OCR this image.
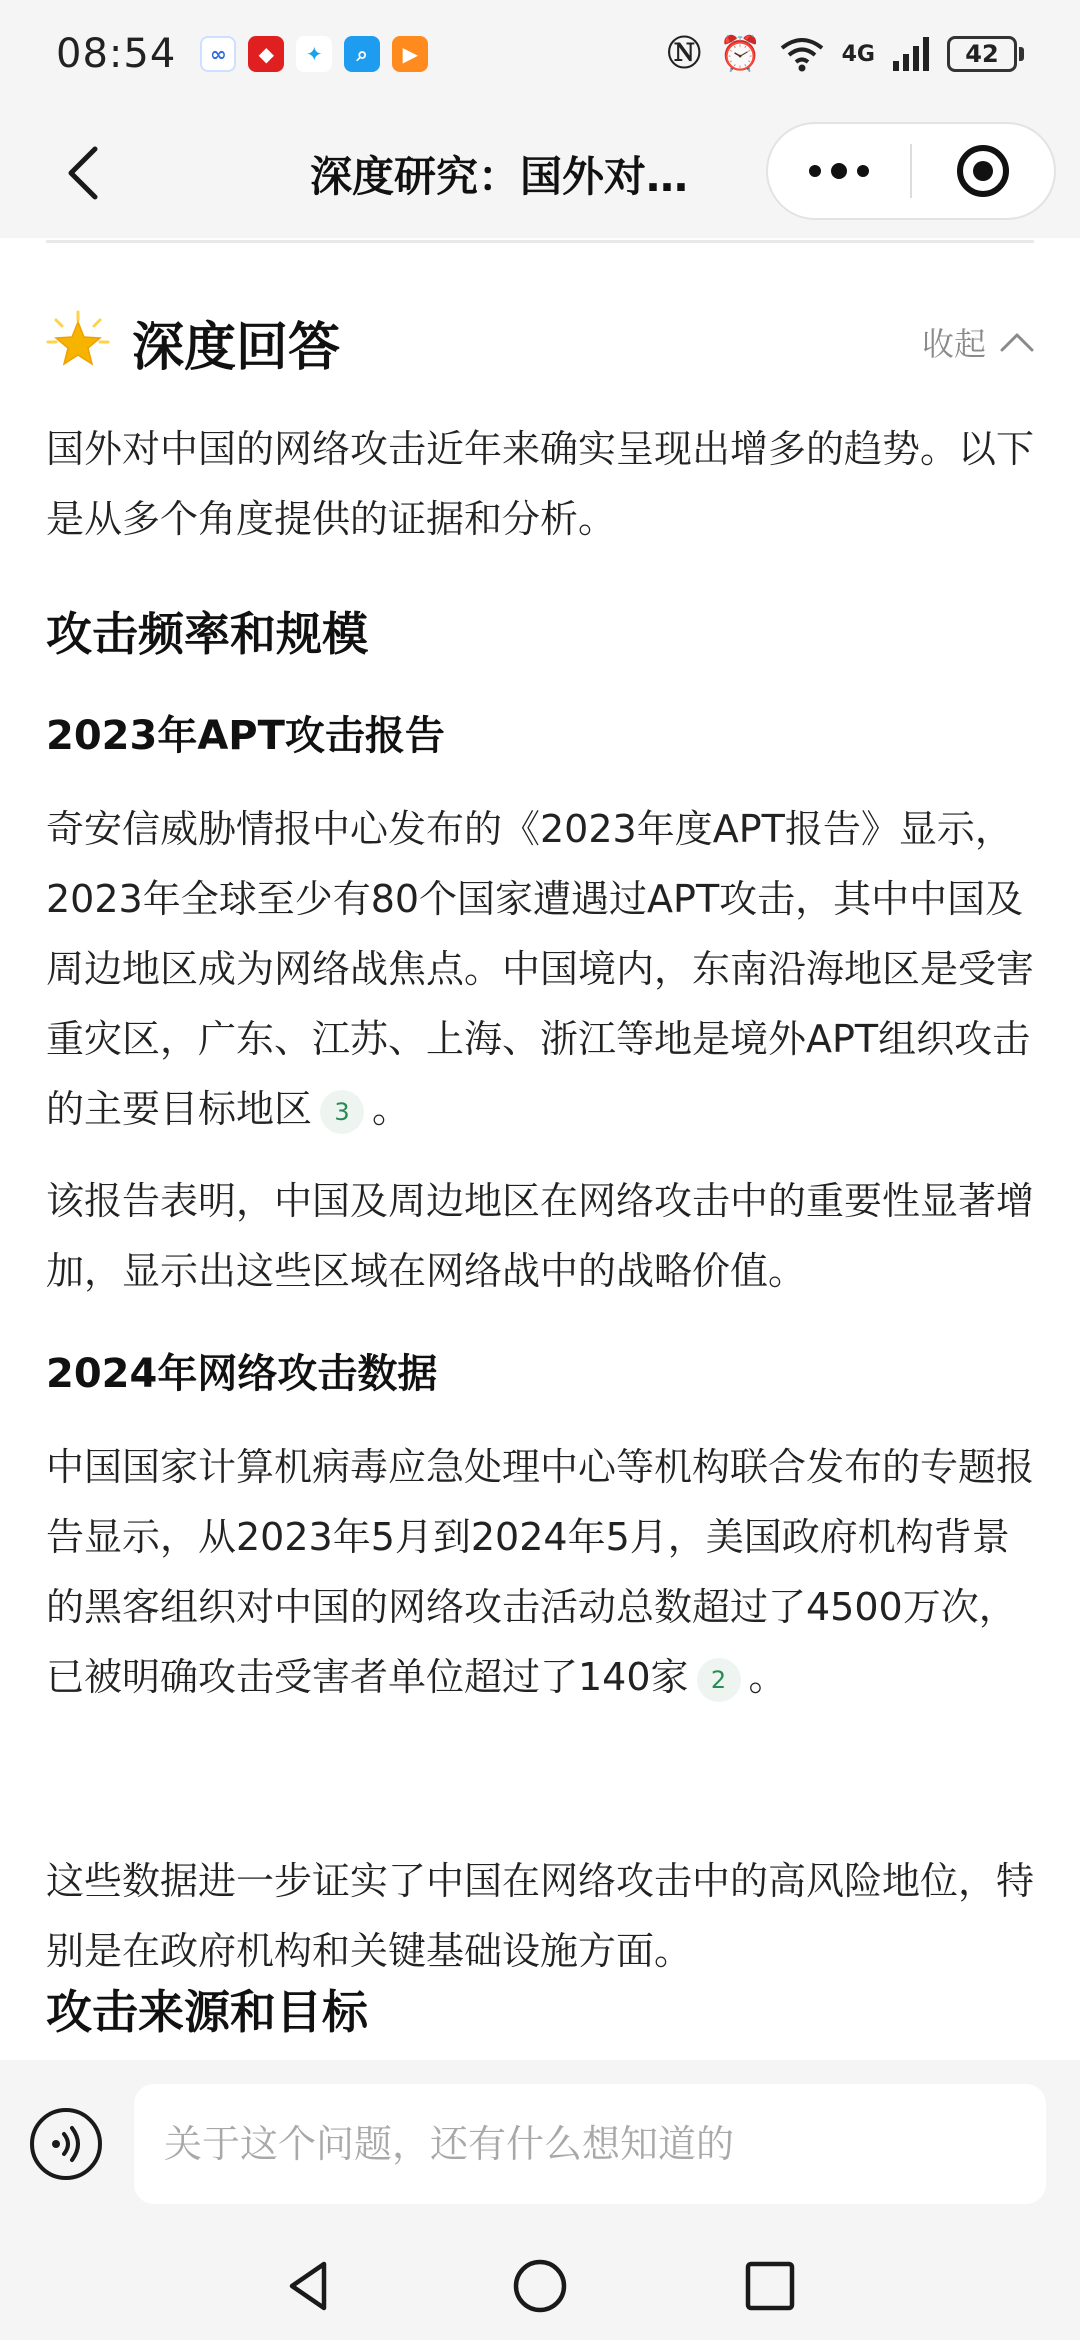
08:54	∞	◆	✦	⌕	▶	Ⓝ ⏰	4G	42
深度研究：国外对…
深度回答	收起
国外对中国的网络攻击近年来确实呈现出增多的趋势。以下是从多个角度提供的证据和分析。
攻击频率和规模
2023年APT攻击报告
奇安信威胁情报中心发布的《2023年度APT报告》显示，2023年全球至少有80个国家遭遇过APT攻击，其中中国及周边地区成为网络战焦点。中国境内，东南沿海地区是受害重灾区，广东、江苏、上海、浙江等地是境外APT组织攻击的主要目标地区 3 。
该报告表明，中国及周边地区在网络攻击中的重要性显著增加，显示出这些区域在网络战中的战略价值。
2024年网络攻击数据
中国国家计算机病毒应急处理中心等机构联合发布的专题报告显示，从2023年5月到2024年5月，美国政府机构背景的黑客组织对中国的网络攻击活动总数超过了4500万次，已被明确攻击受害者单位超过了140家 2 。
这些数据进一步证实了中国在网络攻击中的高风险地位，特别是在政府机构和关键基础设施方面。
攻击来源和目标
关于这个问题，还有什么想知道的
